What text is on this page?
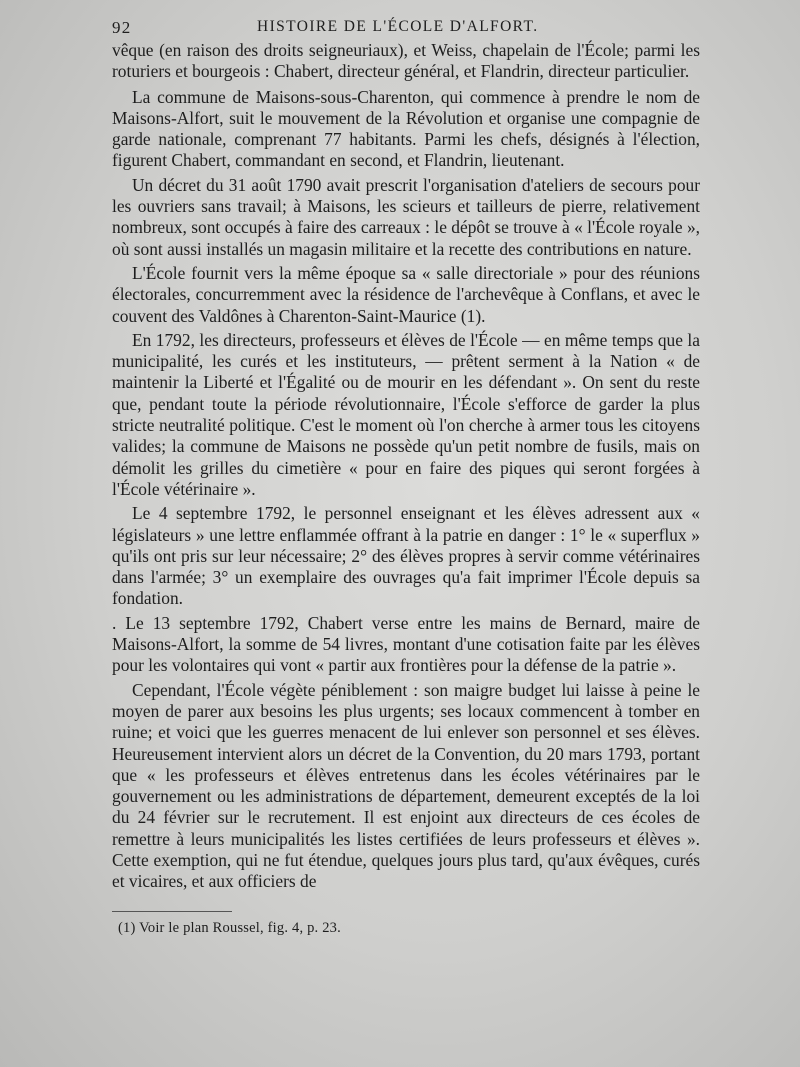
92	HISTOIRE DE L'ÉCOLE D'ALFORT.

vêque (en raison des droits seigneuriaux), et Weiss, chapelain de l'École; parmi les roturiers et bourgeois : Chabert, directeur général, et Flandrin, directeur particulier.

La commune de Maisons-sous-Charenton, qui commence à prendre le nom de Maisons-Alfort, suit le mouvement de la Révolution et organise une compagnie de garde nationale, comprenant 77 habitants. Parmi les chefs, désignés à l'élection, figurent Chabert, commandant en second, et Flandrin, lieutenant.

Un décret du 31 août 1790 avait prescrit l'organisation d'ateliers de secours pour les ouvriers sans travail; à Maisons, les scieurs et tailleurs de pierre, relativement nombreux, sont occupés à faire des carreaux : le dépôt se trouve à « l'École royale », où sont aussi installés un magasin militaire et la recette des contributions en nature.

L'École fournit vers la même époque sa « salle directoriale » pour des réunions électorales, concurremment avec la résidence de l'archevêque à Conflans, et avec le couvent des Valdônes à Charenton-Saint-Maurice (1).

En 1792, les directeurs, professeurs et élèves de l'École — en même temps que la municipalité, les curés et les instituteurs, — prêtent serment à la Nation « de maintenir la Liberté et l'Égalité ou de mourir en les défendant ». On sent du reste que, pendant toute la période révolutionnaire, l'École s'efforce de garder la plus stricte neutralité politique. C'est le moment où l'on cherche à armer tous les citoyens valides; la commune de Maisons ne possède qu'un petit nombre de fusils, mais on démolit les grilles du cimetière « pour en faire des piques qui seront forgées à l'École vétérinaire ».

Le 4 septembre 1792, le personnel enseignant et les élèves adressent aux « législateurs » une lettre enflammée offrant à la patrie en danger : 1° le « superflux » qu'ils ont pris sur leur nécessaire; 2° des élèves propres à servir comme vétérinaires dans l'armée; 3° un exemplaire des ouvrages qu'a fait imprimer l'École depuis sa fondation.

. Le 13 septembre 1792, Chabert verse entre les mains de Bernard, maire de Maisons-Alfort, la somme de 54 livres, montant d'une cotisation faite par les élèves pour les volontaires qui vont « partir aux frontières pour la défense de la patrie ».

Cependant, l'École végète péniblement : son maigre budget lui laisse à peine le moyen de parer aux besoins les plus urgents; ses locaux commencent à tomber en ruine; et voici que les guerres menacent de lui enlever son personnel et ses élèves. Heureusement intervient alors un décret de la Convention, du 20 mars 1793, portant que « les professeurs et élèves entretenus dans les écoles vétérinaires par le gouvernement ou les administrations de département, demeurent exceptés de la loi du 24 février sur le recrutement. Il est enjoint aux directeurs de ces écoles de remettre à leurs municipalités les listes certifiées de leurs professeurs et élèves ». Cette exemption, qui ne fut étendue, quelques jours plus tard, qu'aux évêques, curés et vicaires, et aux officiers de

(1) Voir le plan Roussel, fig. 4, p. 23.
